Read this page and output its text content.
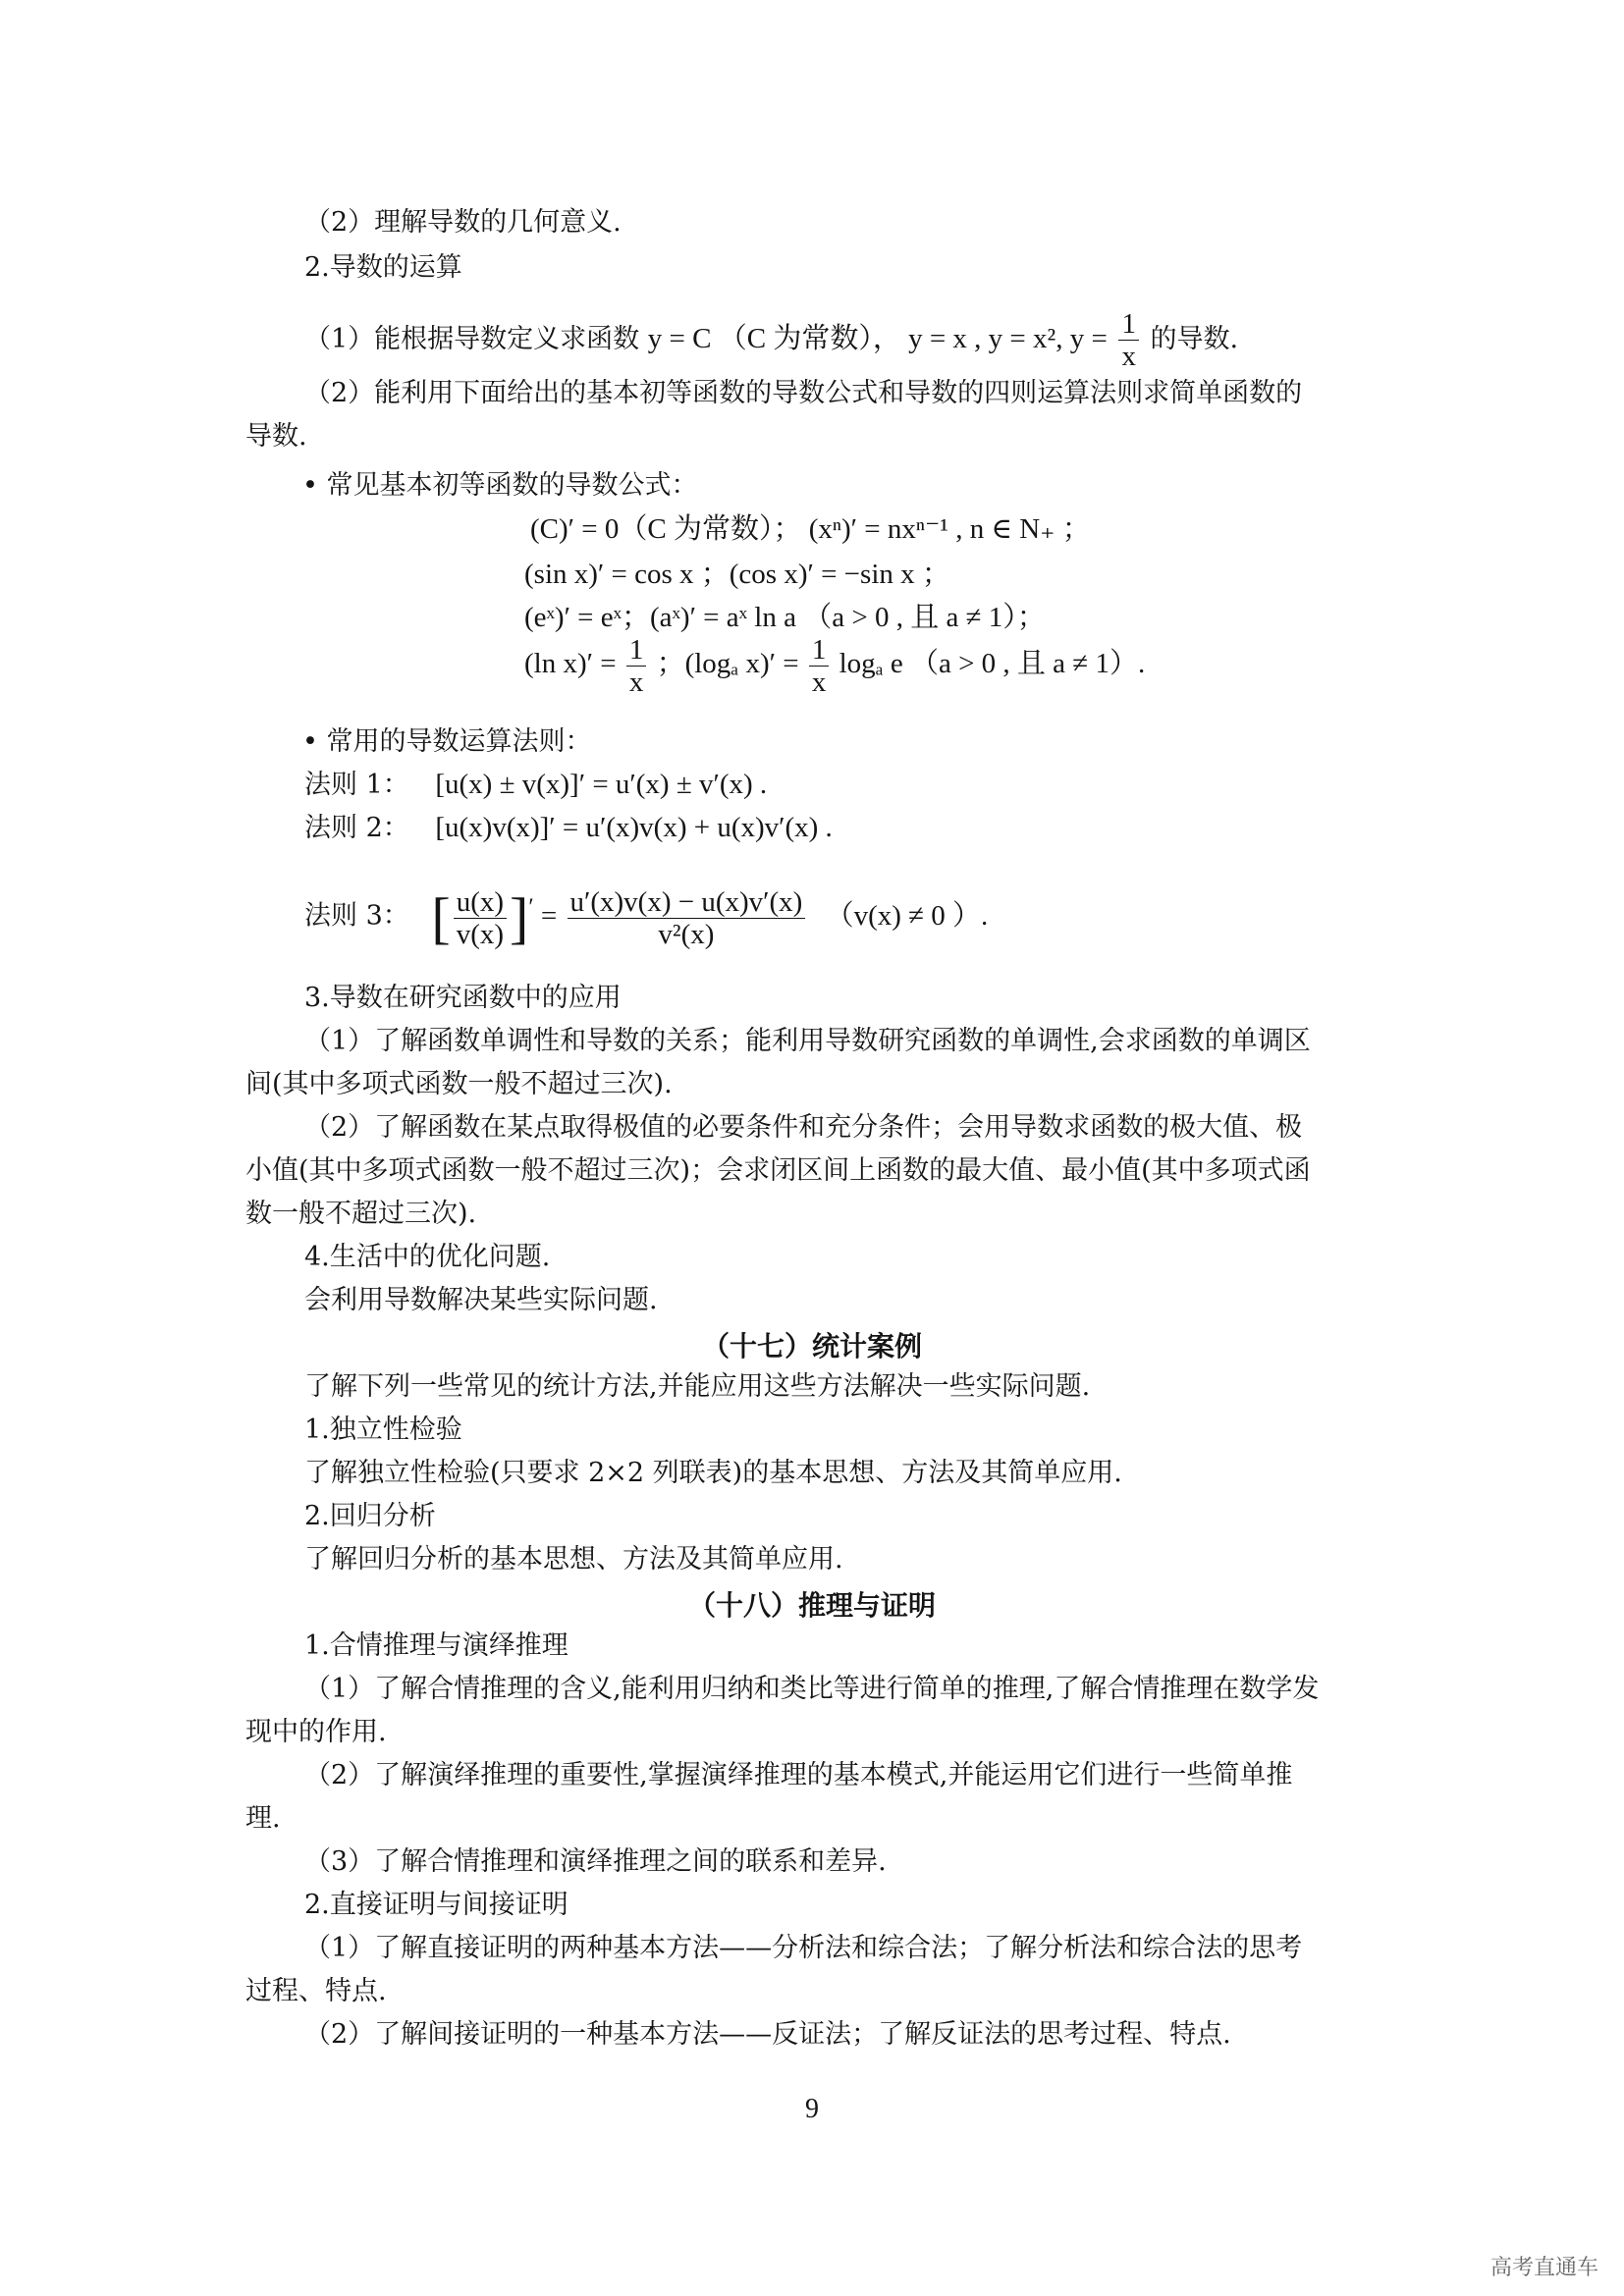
（2）理解导数的几何意义.
2.导数的运算
（1）能根据导数定义求函数 y = C （C 为常数）， y = x , y = x², $y = \frac{1}{x}$ 的导数.
（2）能利用下面给出的基本初等函数的导数公式和导数的四则运算法则求简单函数的
导数.
• 常见基本初等函数的导数公式：
(C)′ = 0（C 为常数）； (xⁿ)′ = nxⁿ⁻¹ , n ∈ N₊ ；
(sin x)′ = cos x ；(cos x)′ = −sin x ；
(eˣ)′ = eˣ；(aˣ)′ = aˣ ln a （a > 0 , 且 a ≠ 1）；
(ln $x)' = \frac{1}{x}$ ；(logₐ $x)' = \frac{1}{x}$ logₐ e （a > 0 , 且 a ≠ 1）.
• 常用的导数运算法则：
法则 1： [u(x) ± v(x)]′ = u′(x) ± v′(x) .
法则 2： [u(x)v(x)]′ = u′(x)v(x) + u(x)v′(x) .
法则 3： [ $\frac{u(x)}{v(x)} ]' = \frac{u'(x)v(x) - u(x)v'(x)}{\text{v²(x)}} (v(x) \ne 0$ ）.
3.导数在研究函数中的应用
（1）了解函数单调性和导数的关系；能利用导数研究函数的单调性,会求函数的单调区
间(其中多项式函数一般不超过三次).
（2）了解函数在某点取得极值的必要条件和充分条件；会用导数求函数的极大值、极
小值(其中多项式函数一般不超过三次)；会求闭区间上函数的最大值、最小值(其中多项式函
数一般不超过三次).
4.生活中的优化问题.
会利用导数解决某些实际问题.
（十七）统计案例
了解下列一些常见的统计方法,并能应用这些方法解决一些实际问题.
1.独立性检验
了解独立性检验(只要求 2×2 列联表)的基本思想、方法及其简单应用.
2.回归分析
了解回归分析的基本思想、方法及其简单应用.
（十八）推理与证明
1.合情推理与演绎推理
（1）了解合情推理的含义,能利用归纳和类比等进行简单的推理,了解合情推理在数学发
现中的作用.
（2）了解演绎推理的重要性,掌握演绎推理的基本模式,并能运用它们进行一些简单推
理.
（3）了解合情推理和演绎推理之间的联系和差异.
2.直接证明与间接证明
（1）了解直接证明的两种基本方法——分析法和综合法；了解分析法和综合法的思考
过程、特点.
（2）了解间接证明的一种基本方法——反证法；了解反证法的思考过程、特点.
9
高考直通车
